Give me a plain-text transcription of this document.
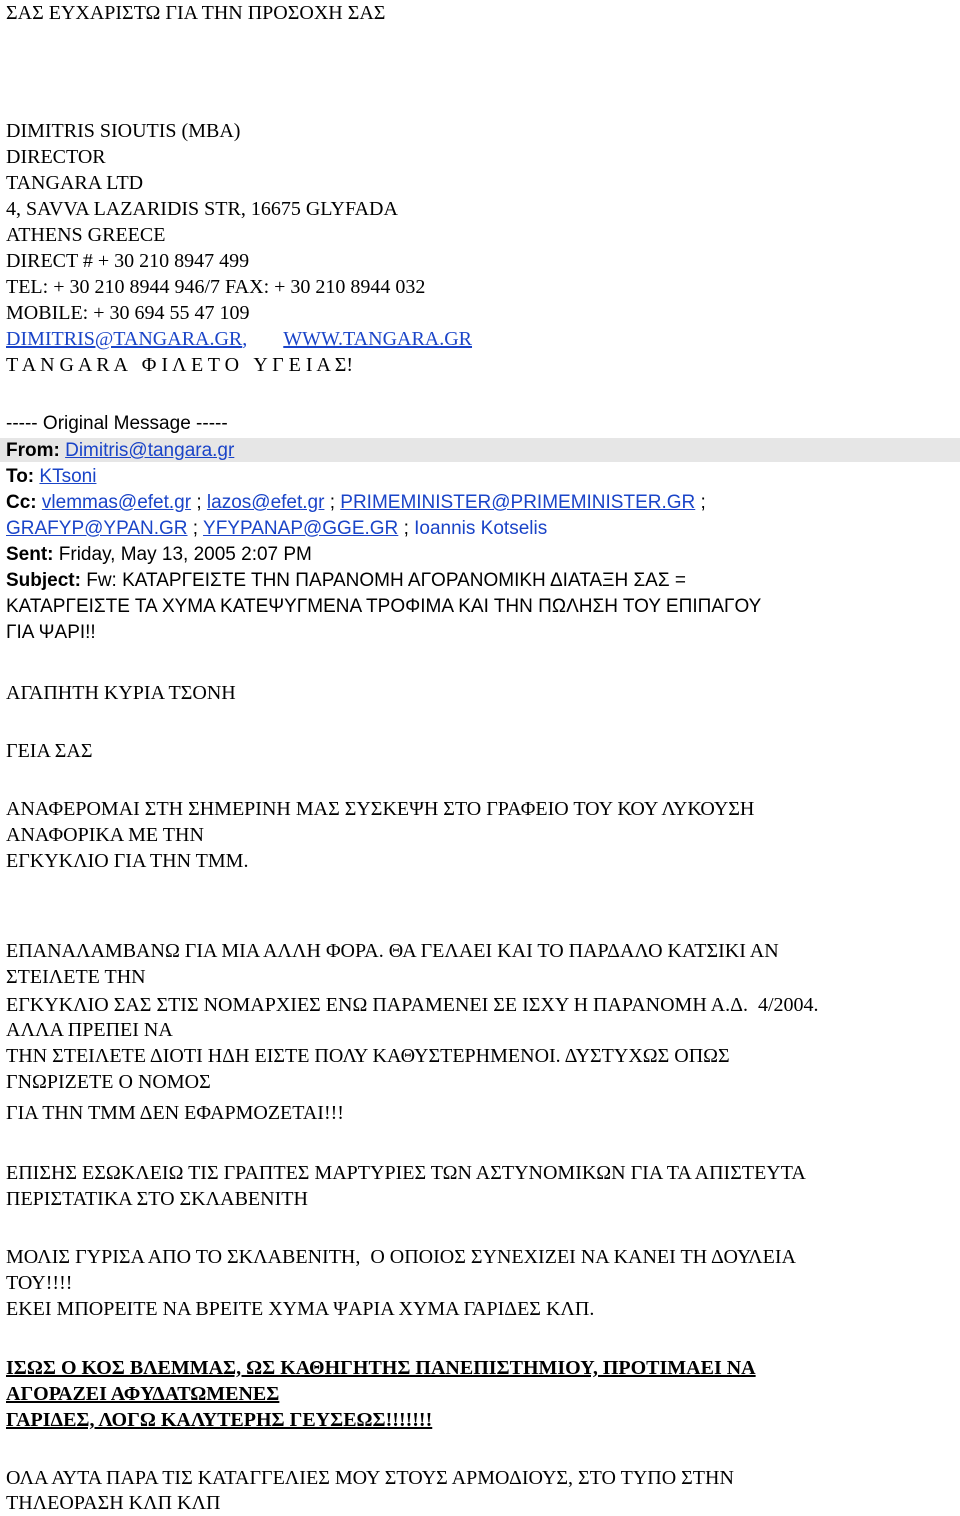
ΣΑΣ ΕΥΧΑΡΙΣΤΩ ΓΙΑ ΤΗΝ ΠΡΟΣΟΧΗ ΣΑΣ
DIMITRIS SIOUTIS (MBA)
DIRECTOR
TANGARA LTD
4, SAVVA LAZARIDIS STR, 16675 GLYFADA
ATHENS GREECE
DIRECT # + 30 210 8947 499
TEL: + 30 210 8944 946/7 FAX: + 30 210 8944 032
MOBILE: + 30 694 55 47 109
DIMITRIS@TANGARA.GR, WWW.TANGARA.GR
T A N G A R A   Φ Ι Λ Ε Τ Ο   Υ Γ Ε Ι Α Σ!
----- Original Message -----
From: Dimitris@tangara.gr
To: KTsoni
Cc: vlemmas@efet.gr ; lazos@efet.gr ; PRIMEMINISTER@PRIMEMINISTER.GR ;
GRAFYP@YPAN.GR ; YFYPANAP@GGE.GR ; Ioannis Kotselis
Sent: Friday, May 13, 2005 2:07 PM
Subject: Fw: ΚΑΤΑΡΓΕΙΣΤΕ ΤΗΝ ΠΑΡΑΝΟΜΗ ΑΓΟΡΑΝΟΜΙΚΗ ΔΙΑΤΑΞΗ ΣΑΣ =
ΚΑΤΑΡΓΕΙΣΤΕ ΤΑ ΧΥΜΑ ΚΑΤΕΨΥΓΜΕΝΑ ΤΡΟΦΙΜΑ ΚΑΙ ΤΗΝ ΠΩΛΗΣΗ ΤΟΥ ΕΠΙΠΑΓΟΥ
ΓΙΑ ΨΑΡΙ!!
ΑΓΑΠΗΤΗ ΚΥΡΙΑ ΤΣΟΝΗ
ΓΕΙΑ ΣΑΣ
ΑΝΑΦΕΡΟΜΑΙ ΣΤΗ ΣΗΜΕΡΙΝΗ ΜΑΣ ΣΥΣΚΕΨΗ ΣΤΟ ΓΡΑΦΕΙΟ ΤΟΥ ΚΟΥ ΛΥΚΟΥΣΗ
ΑΝΑΦΟΡΙΚΑ ΜΕ ΤΗΝ
ΕΓΚΥΚΛΙΟ ΓΙΑ ΤΗΝ ΤΜΜ.
ΕΠΑΝΑΛΑΜΒΑΝΩ ΓΙΑ ΜΙΑ ΑΛΛΗ ΦΟΡΑ. ΘΑ ΓΕΛΑΕΙ ΚΑΙ ΤΟ ΠΑΡΔΑΛΟ ΚΑΤΣΙΚΙ ΑΝ
ΣΤΕΙΛΕΤΕ ΤΗΝ
ΕΓΚΥΚΛΙΟ ΣΑΣ ΣΤΙΣ ΝΟΜΑΡΧΙΕΣ ΕΝΩ ΠΑΡΑΜΕΝΕΙ ΣΕ ΙΣΧΥ Η ΠΑΡΑΝΟΜΗ Α.Δ.  4/2004.
ΑΛΛΑ ΠΡΕΠΕΙ ΝΑ
ΤΗΝ ΣΤΕΙΛΕΤΕ ΔΙΟΤΙ ΗΔΗ ΕΙΣΤΕ ΠΟΛΥ ΚΑΘΥΣΤΕΡΗΜΕΝΟΙ. ΔΥΣΤΥΧΩΣ ΟΠΩΣ
ΓΝΩΡΙΖΕΤΕ Ο ΝΟΜΟΣ
ΓΙΑ ΤΗΝ ΤΜΜ ΔΕΝ ΕΦΑΡΜΟΖΕΤΑΙ!!!
ΕΠΙΣΗΣ ΕΣΩΚΛΕΙΩ ΤΙΣ ΓΡΑΠΤΕΣ ΜΑΡΤΥΡΙΕΣ ΤΩΝ ΑΣΤΥΝΟΜΙΚΩΝ ΓΙΑ ΤΑ ΑΠΙΣΤΕΥΤΑ
ΠΕΡΙΣΤΑΤΙΚΑ ΣΤΟ ΣΚΛΑΒΕΝΙΤΗ
ΜΟΛΙΣ ΓΥΡΙΣΑ ΑΠΟ ΤΟ ΣΚΛΑΒΕΝΙΤΗ,  Ο ΟΠΟΙΟΣ ΣΥΝΕΧΙΖΕΙ ΝΑ ΚΑΝΕΙ ΤΗ ΔΟΥΛΕΙΑ
ΤΟΥ!!!!
ΕΚΕΙ ΜΠΟΡΕΙΤΕ ΝΑ ΒΡΕΙΤΕ ΧΥΜΑ ΨΑΡΙΑ ΧΥΜΑ ΓΑΡΙΔΕΣ ΚΛΠ.
ΙΣΩΣ Ο ΚΟΣ ΒΛΕΜΜΑΣ, ΩΣ ΚΑΘΗΓΗΤΗΣ ΠΑΝΕΠΙΣΤΗΜΙΟΥ, ΠΡΟΤΙΜΑΕΙ ΝΑ
ΑΓΟΡΑΖΕΙ ΑΦΥΔΑΤΩΜΕΝΕΣ
ΓΑΡΙΔΕΣ, ΛΟΓΩ ΚΑΛΥΤΕΡΗΣ ΓΕΥΣΕΩΣ!!!!!!!
ΟΛΑ ΑΥΤΑ ΠΑΡΑ ΤΙΣ ΚΑΤΑΓΓΕΛΙΕΣ ΜΟΥ ΣΤΟΥΣ ΑΡΜΟΔΙΟΥΣ, ΣΤΟ ΤΥΠΟ ΣΤΗΝ
ΤΗΛΕΟΡΑΣΗ ΚΛΠ ΚΛΠ
